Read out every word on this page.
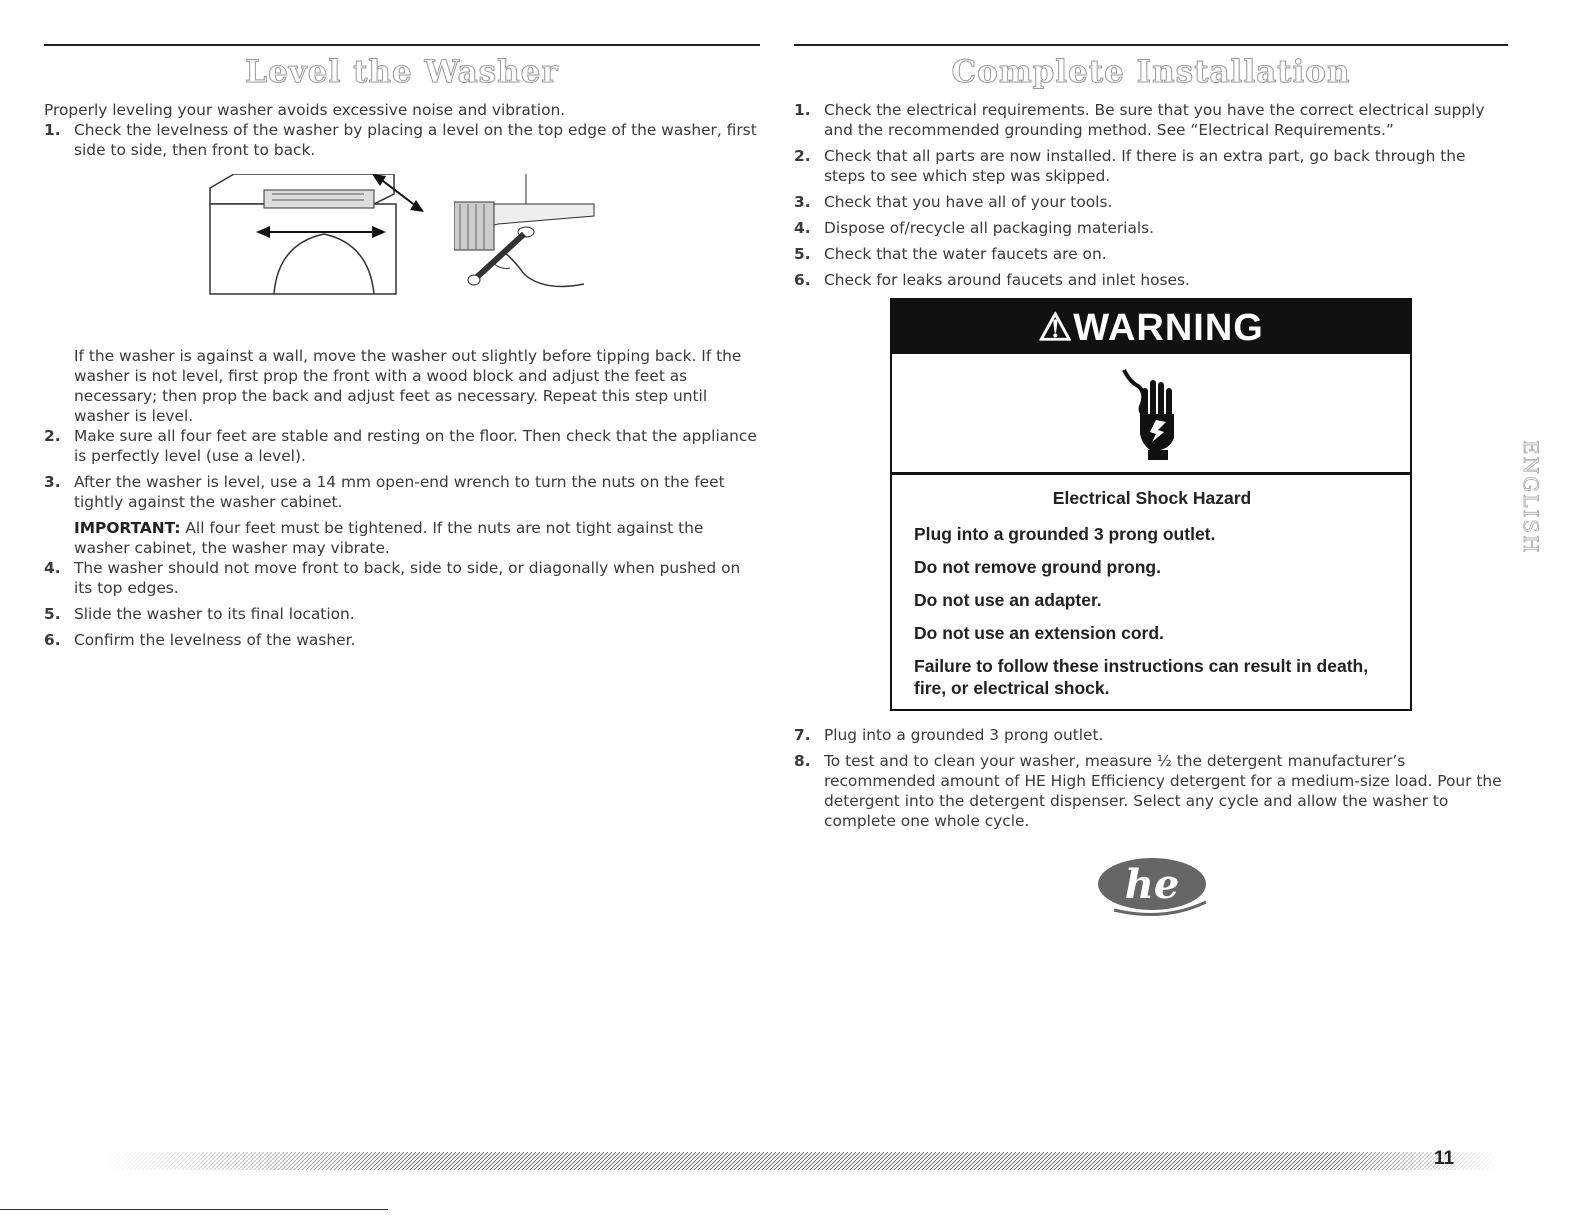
Level the Washer

Properly leveling your washer avoids excessive noise and vibration.

1. Check the levelness of the washer by placing a level on the top edge of the washer, first side to side, then front to back.

If the washer is against a wall, move the washer out slightly before tipping back. If the washer is not level, first prop the front with a wood block and adjust the feet as necessary; then prop the back and adjust feet as necessary. Repeat this step until washer is level.

2. Make sure all four feet are stable and resting on the floor. Then check that the appliance is perfectly level (use a level).
3. After the washer is level, use a 14 mm open-end wrench to turn the nuts on the feet tightly against the washer cabinet.

IMPORTANT: All four feet must be tightened. If the nuts are not tight against the washer cabinet, the washer may vibrate.

4. The washer should not move front to back, side to side, or diagonally when pushed on its top edges.
5. Slide the washer to its final location.
6. Confirm the levelness of the washer.
Complete Installation
1. Check the electrical requirements. Be sure that you have the correct electrical supply and the recommended grounding method. See “Electrical Requirements.”
2. Check that all parts are now installed. If there is an extra part, go back through the steps to see which step was skipped.
3. Check that you have all of your tools.
4. Dispose of/recycle all packaging materials.
5. Check that the water faucets are on.
6. Check for leaks around faucets and inlet hoses.
⚠WARNING
Electrical Shock Hazard
Plug into a grounded 3 prong outlet.
Do not remove ground prong.
Do not use an adapter.
Do not use an extension cord.
Failure to follow these instructions can result in death, fire, or electrical shock.
7. Plug into a grounded 3 prong outlet.
8. To test and to clean your washer, measure ½ the detergent manufacturer’s recommended amount of HE High Efficiency detergent for a medium-size load. Pour the detergent into the detergent dispenser. Select any cycle and allow the washer to complete one whole cycle.
he
ENGLISH
11
